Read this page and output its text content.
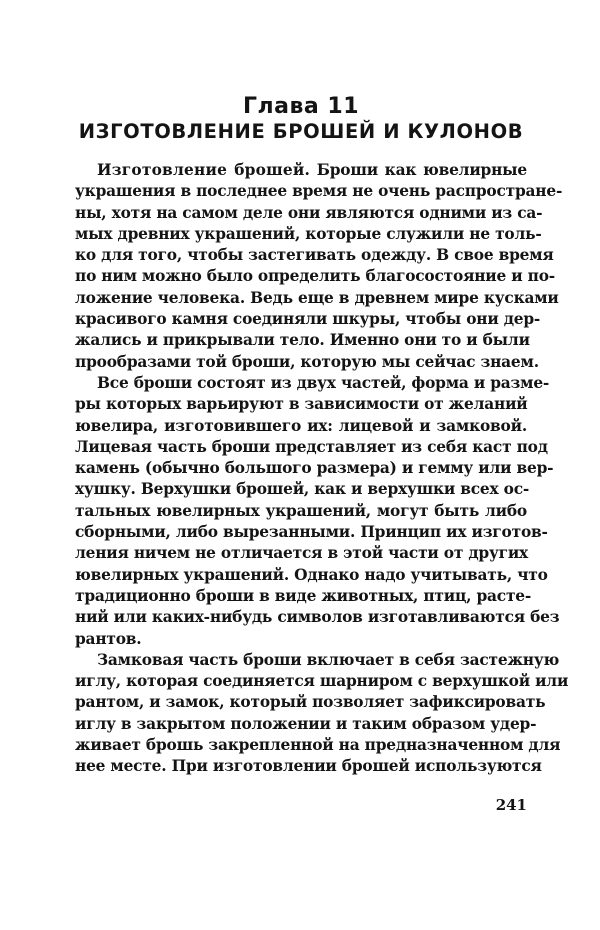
Глава 11
ИЗГОТОВЛЕНИЕ БРОШЕЙ И КУЛОНОВ
Изготовление брошей. Броши как ювелирные
украшения в последнее время не очень распростране-
ны, хотя на самом деле они являются одними из са-
мых древних украшений, которые служили не толь-
ко для того, чтобы застегивать одежду. В свое время
по ним можно было определить благосостояние и по-
ложение человека. Ведь еще в древнем мире кусками
красивого камня соединяли шкуры, чтобы они дер-
жались и прикрывали тело. Именно они то и были
прообразами той броши, которую мы сейчас знаем.
Все броши состоят из двух частей, форма и разме-
ры которых варьируют в зависимости от желаний
ювелира, изготовившего их: лицевой и замковой.
Лицевая часть броши представляет из себя каст под
камень (обычно большого размера) и гемму или вер-
хушку. Верхушки брошей, как и верхушки всех ос-
тальных ювелирных украшений, могут быть либо
сборными, либо вырезанными. Принцип их изготов-
ления ничем не отличается в этой части от других
ювелирных украшений. Однако надо учитывать, что
традиционно броши в виде животных, птиц, расте-
ний или каких-нибудь символов изготавливаются без
рантов.
Замковая часть броши включает в себя застежную
иглу, которая соединяется шарниром с верхушкой или
рантом, и замок, который позволяет зафиксировать
иглу в закрытом положении и таким образом удер-
живает брошь закрепленной на предназначенном для
нее месте. При изготовлении брошей используются
241
